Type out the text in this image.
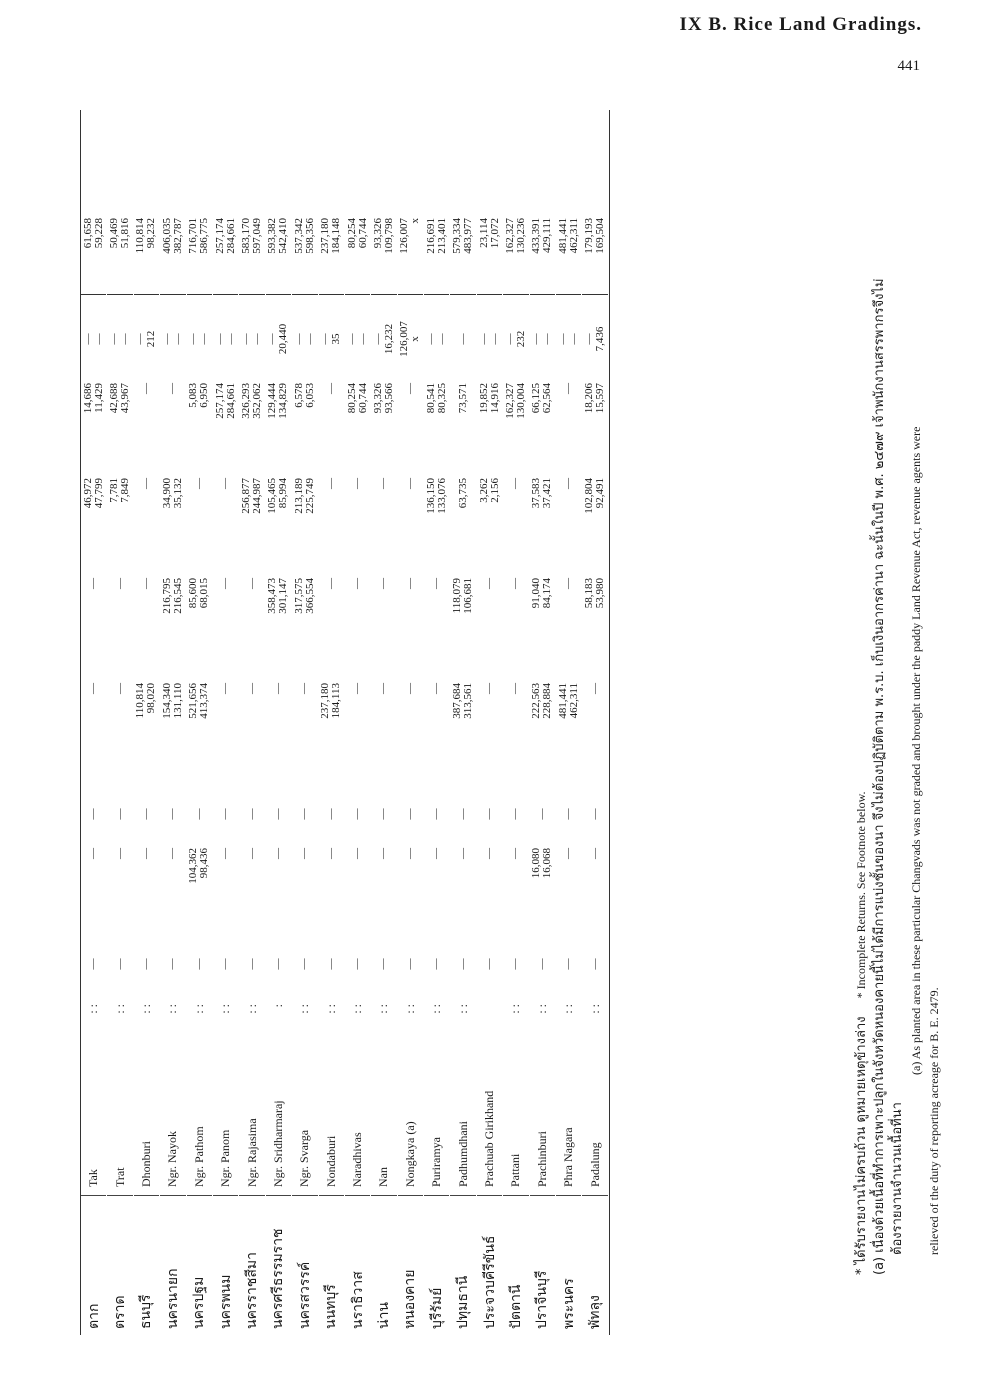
IX B. Rice Land Gradings.
441
ตาก
Tak
: :
—
—
—
—
—
46,972 47,799
14,686 11,429
— —
61,658 59,228
ตราด
Trat
: :
—
—
—
—
—
7,781 7,849
42,688 43,967
— —
50,469 51,816
ธนบุรี
Dhonburi
: :
—
—
—
110,814 98,020
—
—
—
— 212
110,814 98,232
นครนายก
Ngr. Nayok
: :
—
—
—
154,340 131,110
216,795 216,545
34,900 35,132
—
— —
406,035 382,787
นครปฐม
Ngr. Pathom
: :
—
104,362 98,436
—
521,656 413,374
85,600 68,015
—
5,083 6,950
— —
716,701 586,775
นครพนม
Ngr. Panom
: :
—
—
—
—
—
—
257,174 284,661
— —
257,174 284,661
นครราชสีมา
Ngr. Rajasima
: :
—
—
—
—
—
256,877 244,987
326,293 352,062
— —
583,170 597,049
นครศรีธรรมราช
Ngr. Sridharmaraj
:
—
—
—
—
358,473 301,147
105,465 85,994
129,444 134,829
— 20,440
593,382 542,410
นครสวรรค์
Ngr. Svarga
: :
—
—
—
—
317,575 366,554
213,189 225,749
6,578 6,053
— —
537,342 598,356
นนทบุรี
Nondaburi
: :
—
—
—
237,180 184,113
—
—
—
— 35
237,180 184,148
นราธิวาส
Naradhivas
: :
—
—
—
—
—
—
80,254 60,744
— —
80,254 60,744
น่าน
Nan
: :
—
—
—
—
—
—
93,326 93,566
— 16,232
93,326 109,798
หนองคาย
Nongkaya (a)
: :
—
—
—
—
—
—
—
126,007 x
126,007 x
บุรีรัมย์
Puriramya
: :
—
—
—
—
—
136,150 133,076
80,541 80,325
— —
216,691 213,401
ปทุมธานี
Padhumdhani
: :
—
—
—
387,684 313,561
118,079 106,681
63,735
73,571
—
579,334 483,977
ประจวบคีรีขันธ์
Prachuab Girikhand
—
—
—
—
—
3,262 2,156
19,852 14,916
— —
23,114 17,072
ปัตตานี
Pattani
: :
—
—
—
—
—
—
162,327 130,004
— 232
162,327 130,236
ปราจีนบุรี
Prachinburi
: :
—
16,080 16,068
—
222,563 228,884
91,040 84,174
37,583 37,421
66,125 62,564
— —
433,391 429,111
พระนคร
Phra Nagara
: :
—
—
—
481,441 462,311
—
—
—
— —
481,441 462,311
พัทลุง
Padalung
: :
—
—
—
—
58,183 53,980
102,804 92,491
18,206 15,597
— 7,436
179,193 169,504
* ได้รับรายงานไม่ครบถ้วน ดูหมายเหตุข้างล่าง      * Incomplete Returns. See Footnote below. (a) เนื่องด้วยเนื้อที่ทำการเพาะปลูกในจังหวัดหนองคายนี้ไม่ได้มีการแบ่งชั้นของนา จึงไม่ต้องปฏิบัติตาม พ.ร.บ. เก็บเงินอากรค่านา ฉะนั้นในปี พ.ศ. ๒๔๗๙ เจ้าพนักงานสรรพากรจึงไม่ ต้องรายงานจำนวนเนื้อที่นา
(a) As planted area in these particular Changvads was not graded and brought under the paddy Land Revenue Act, revenue agents were
relieved of the duty of reporting acreage for B. E. 2479.
